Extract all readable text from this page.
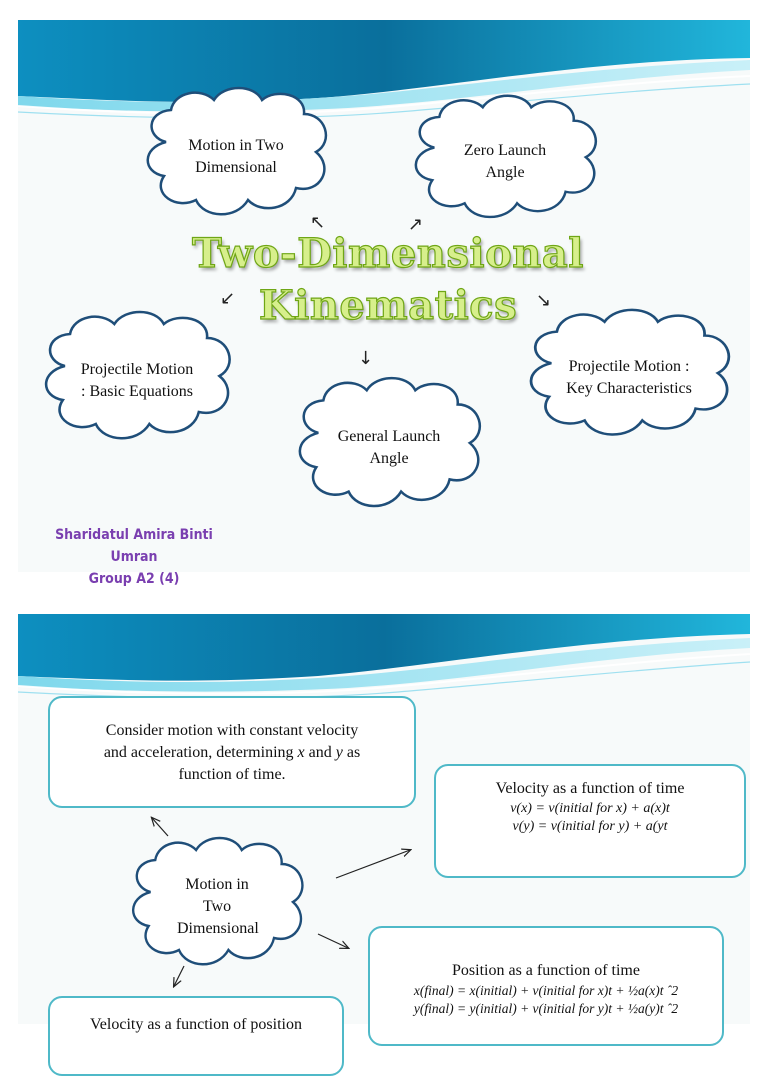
Motion in Two Dimensional
Zero Launch Angle
Two-Dimensional
Kinematics
↖	↗
↙	↘
↓
Projectile Motion : Basic Equations
Projectile Motion : Key Characteristics
General Launch Angle
Sharidatul Amira Binti Umran
Group A2 (4)
Consider motion with constant velocity
and acceleration, determining x and y as
function of time.
Velocity as a function of time
v(x) = v(initial for x) + a(x)t
v(y) = v(initial for y) + a(yt
Motion in Two Dimensional
Position as a function of time
x(final) = x(initial) + v(initial for x)t + ½a(x)t ˆ2
y(final) = y(initial) + v(initial for y)t + ½a(y)t ˆ2
Velocity as a function of position
